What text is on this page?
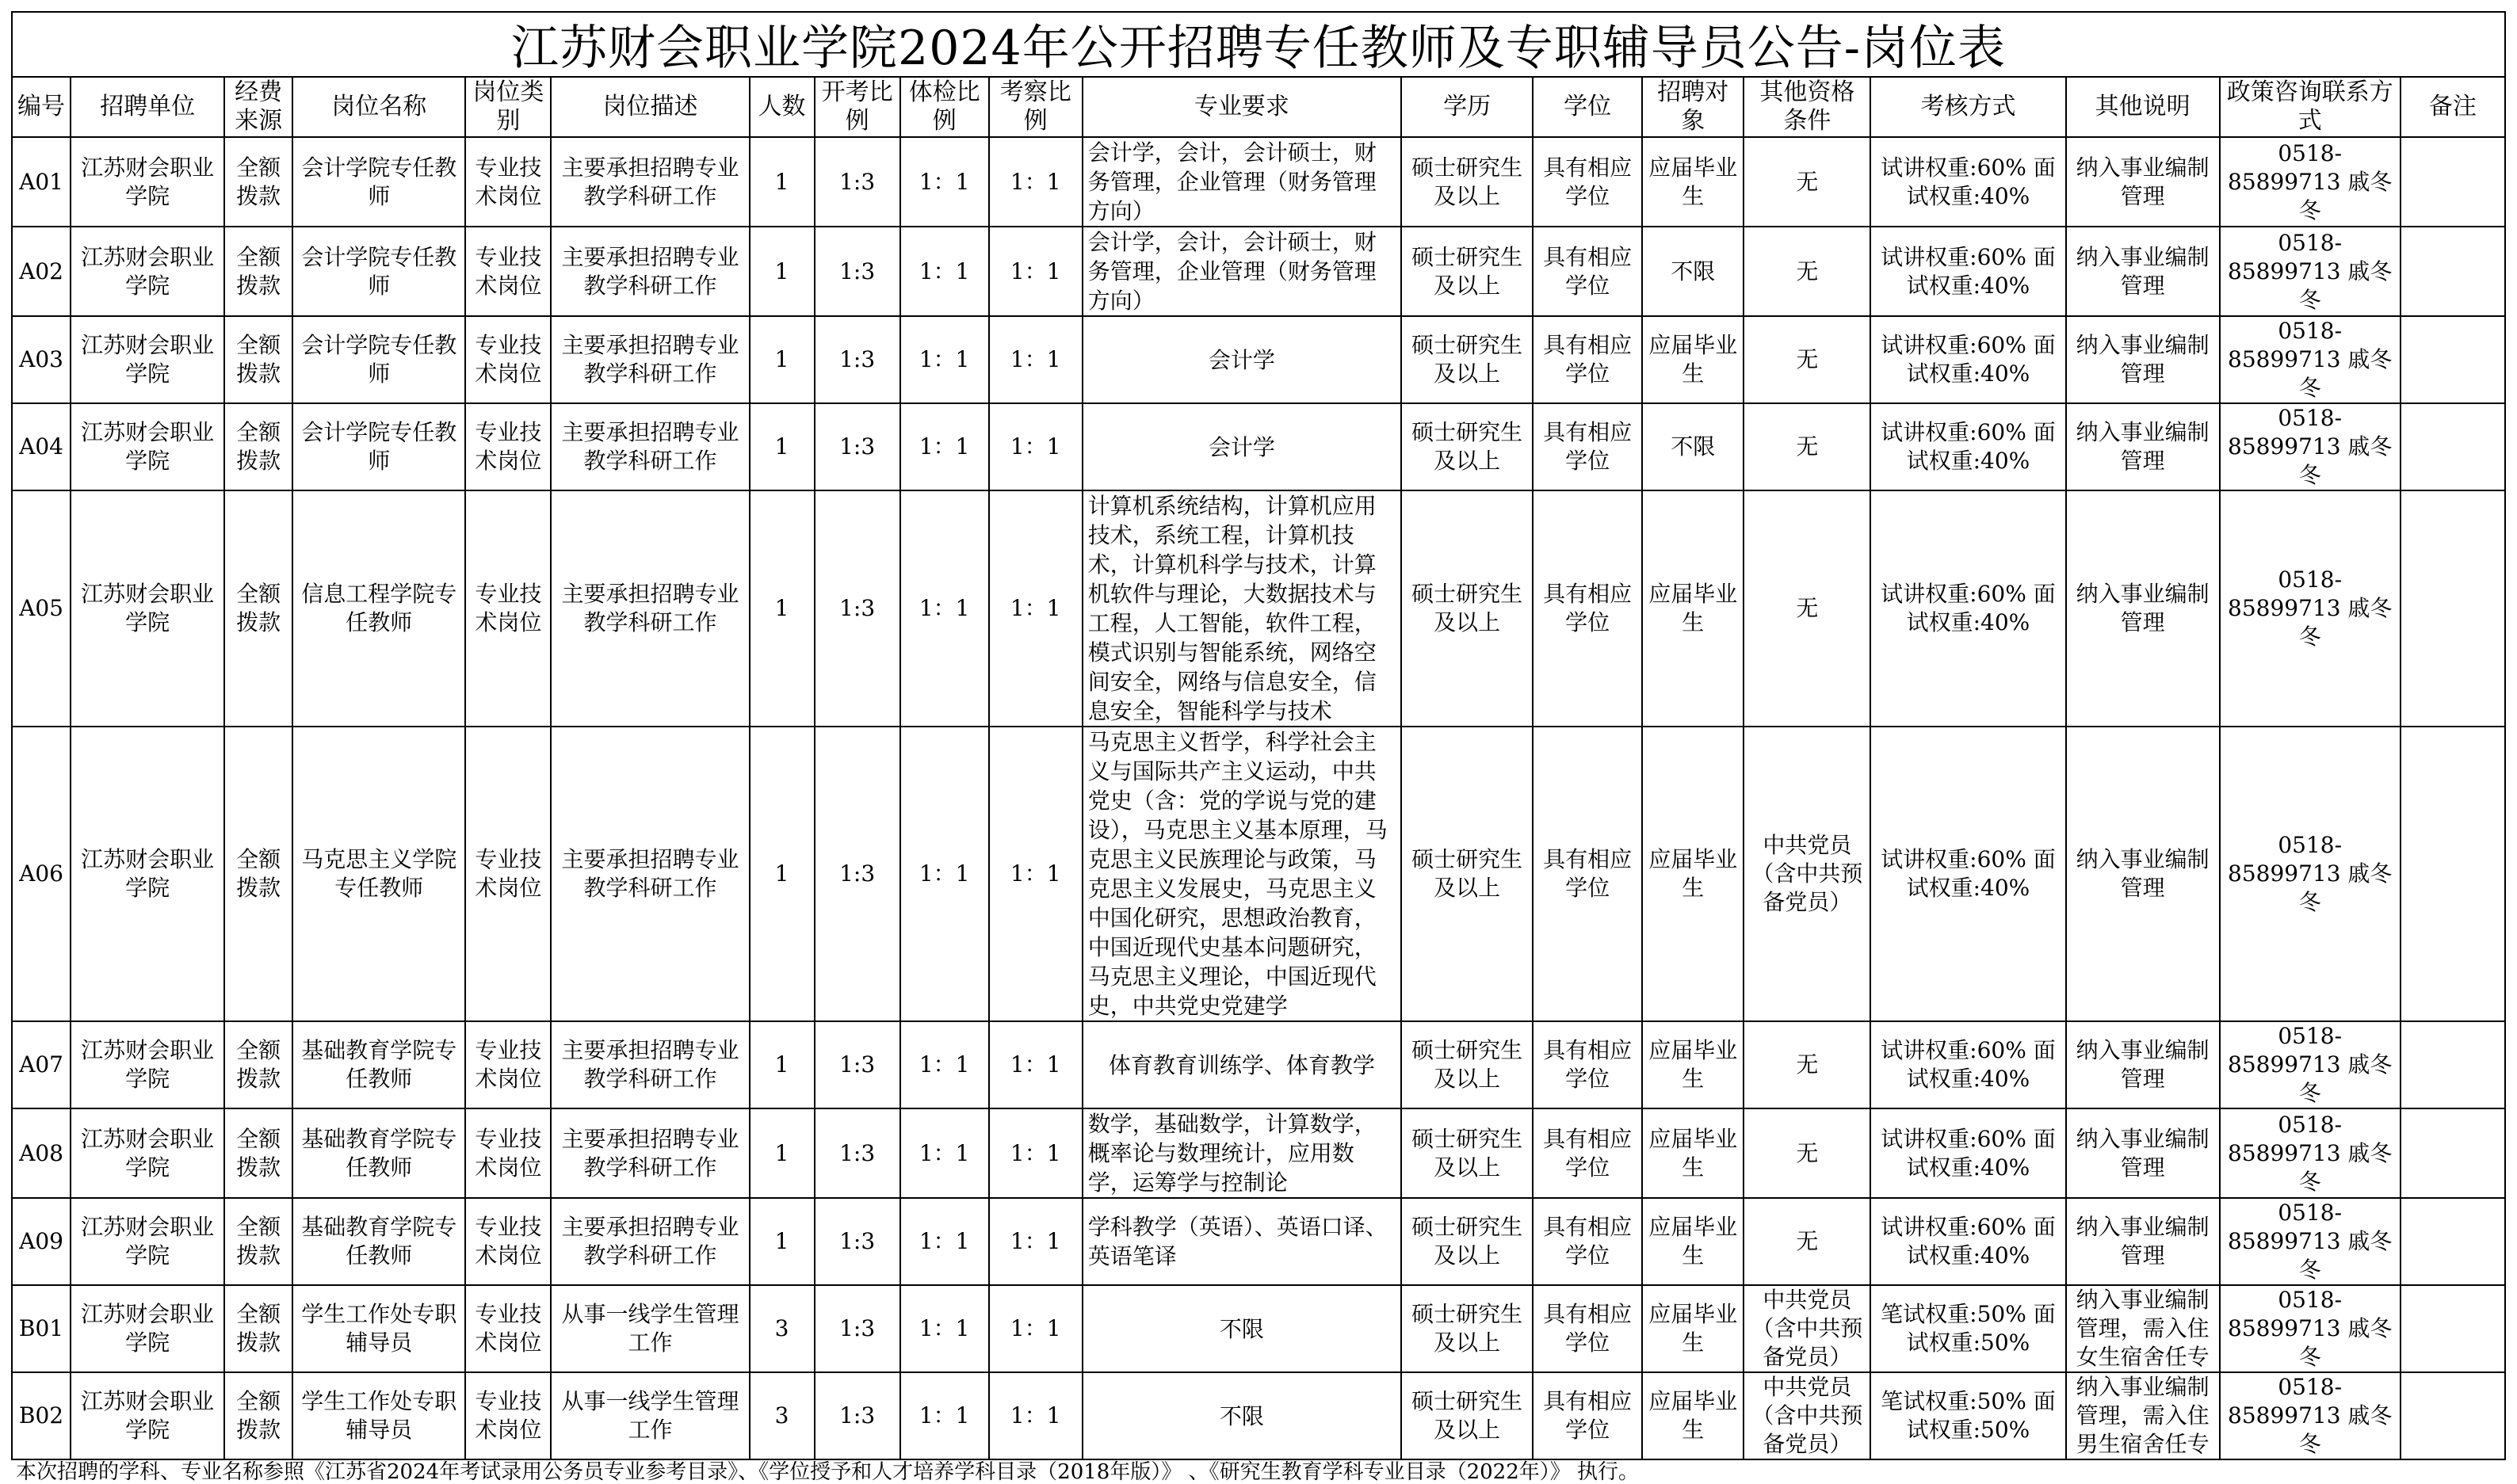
江苏财会职业学院2024年公开招聘专任教师及专职辅导员公告-岗位表
编号	招聘单位	经费来源	岗位名称	岗位类别	岗位描述	人数	开考比例	体检比例	考察比例	专业要求	学历	学位	招聘对象	其他资格条件	考核方式	其他说明	政策咨询联系方式	备注
A01	江苏财会职业学院	全额拨款	会计学院专任教师	专业技术岗位	主要承担招聘专业教学科研工作	1	1:3	1：1	1：1	会计学，会计，会计硕士，财务管理，企业管理（财务管理方向）	硕士研究生及以上	具有相应学位	应届毕业生	无	试讲权重:60% 面试权重:40%	纳入事业编制管理	0518-85899713 戚冬冬	
A02	江苏财会职业学院	全额拨款	会计学院专任教师	专业技术岗位	主要承担招聘专业教学科研工作	1	1:3	1：1	1：1	会计学，会计，会计硕士，财务管理，企业管理（财务管理方向）	硕士研究生及以上	具有相应学位	不限	无	试讲权重:60% 面试权重:40%	纳入事业编制管理	0518-85899713 戚冬冬	
A03	江苏财会职业学院	全额拨款	会计学院专任教师	专业技术岗位	主要承担招聘专业教学科研工作	1	1:3	1：1	1：1	会计学	硕士研究生及以上	具有相应学位	应届毕业生	无	试讲权重:60% 面试权重:40%	纳入事业编制管理	0518-85899713 戚冬冬	
A04	江苏财会职业学院	全额拨款	会计学院专任教师	专业技术岗位	主要承担招聘专业教学科研工作	1	1:3	1：1	1：1	会计学	硕士研究生及以上	具有相应学位	不限	无	试讲权重:60% 面试权重:40%	纳入事业编制管理	0518-85899713 戚冬冬	
A05	江苏财会职业学院	全额拨款	信息工程学院专任教师	专业技术岗位	主要承担招聘专业教学科研工作	1	1:3	1：1	1：1	计算机系统结构，计算机应用技术，系统工程，计算机技术，计算机科学与技术，计算机软件与理论，大数据技术与工程，人工智能，软件工程，模式识别与智能系统，网络空间安全，网络与信息安全，信息安全，智能科学与技术	硕士研究生及以上	具有相应学位	应届毕业生	无	试讲权重:60% 面试权重:40%	纳入事业编制管理	0518-85899713 戚冬冬	
A06	江苏财会职业学院	全额拨款	马克思主义学院专任教师	专业技术岗位	主要承担招聘专业教学科研工作	1	1:3	1：1	1：1	马克思主义哲学，科学社会主义与国际共产主义运动，中共党史（含：党的学说与党的建设），马克思主义基本原理，马克思主义民族理论与政策，马克思主义发展史，马克思主义中国化研究，思想政治教育，中国近现代史基本问题研究，马克思主义理论，中国近现代史，中共党史党建学	硕士研究生及以上	具有相应学位	应届毕业生	中共党员（含中共预备党员）	试讲权重:60% 面试权重:40%	纳入事业编制管理	0518-85899713 戚冬冬	
A07	江苏财会职业学院	全额拨款	基础教育学院专任教师	专业技术岗位	主要承担招聘专业教学科研工作	1	1:3	1：1	1：1	体育教育训练学、体育教学	硕士研究生及以上	具有相应学位	应届毕业生	无	试讲权重:60% 面试权重:40%	纳入事业编制管理	0518-85899713 戚冬冬	
A08	江苏财会职业学院	全额拨款	基础教育学院专任教师	专业技术岗位	主要承担招聘专业教学科研工作	1	1:3	1：1	1：1	数学，基础数学，计算数学，概率论与数理统计，应用数学，运筹学与控制论	硕士研究生及以上	具有相应学位	应届毕业生	无	试讲权重:60% 面试权重:40%	纳入事业编制管理	0518-85899713 戚冬冬	
A09	江苏财会职业学院	全额拨款	基础教育学院专任教师	专业技术岗位	主要承担招聘专业教学科研工作	1	1:3	1：1	1：1	学科教学（英语）、英语口译、英语笔译	硕士研究生及以上	具有相应学位	应届毕业生	无	试讲权重:60% 面试权重:40%	纳入事业编制管理	0518-85899713 戚冬冬	
B01	江苏财会职业学院	全额拨款	学生工作处专职辅导员	专业技术岗位	从事一线学生管理工作	3	1:3	1：1	1：1	不限	硕士研究生及以上	具有相应学位	应届毕业生	中共党员（含中共预备党员）	笔试权重:50% 面试权重:50%	纳入事业编制管理，需入住女生宿舍任专	0518-85899713 戚冬冬	
B02	江苏财会职业学院	全额拨款	学生工作处专职辅导员	专业技术岗位	从事一线学生管理工作	3	1:3	1：1	1：1	不限	硕士研究生及以上	具有相应学位	应届毕业生	中共党员（含中共预备党员）	笔试权重:50% 面试权重:50%	纳入事业编制管理，需入住男生宿舍任专	0518-85899713 戚冬冬	
本次招聘的学科、专业名称参照《江苏省2024年考试录用公务员专业参考目录》、《学位授予和人才培养学科目录（2018年版）》 、《研究生教育学科专业目录（2022年）》 执行。
